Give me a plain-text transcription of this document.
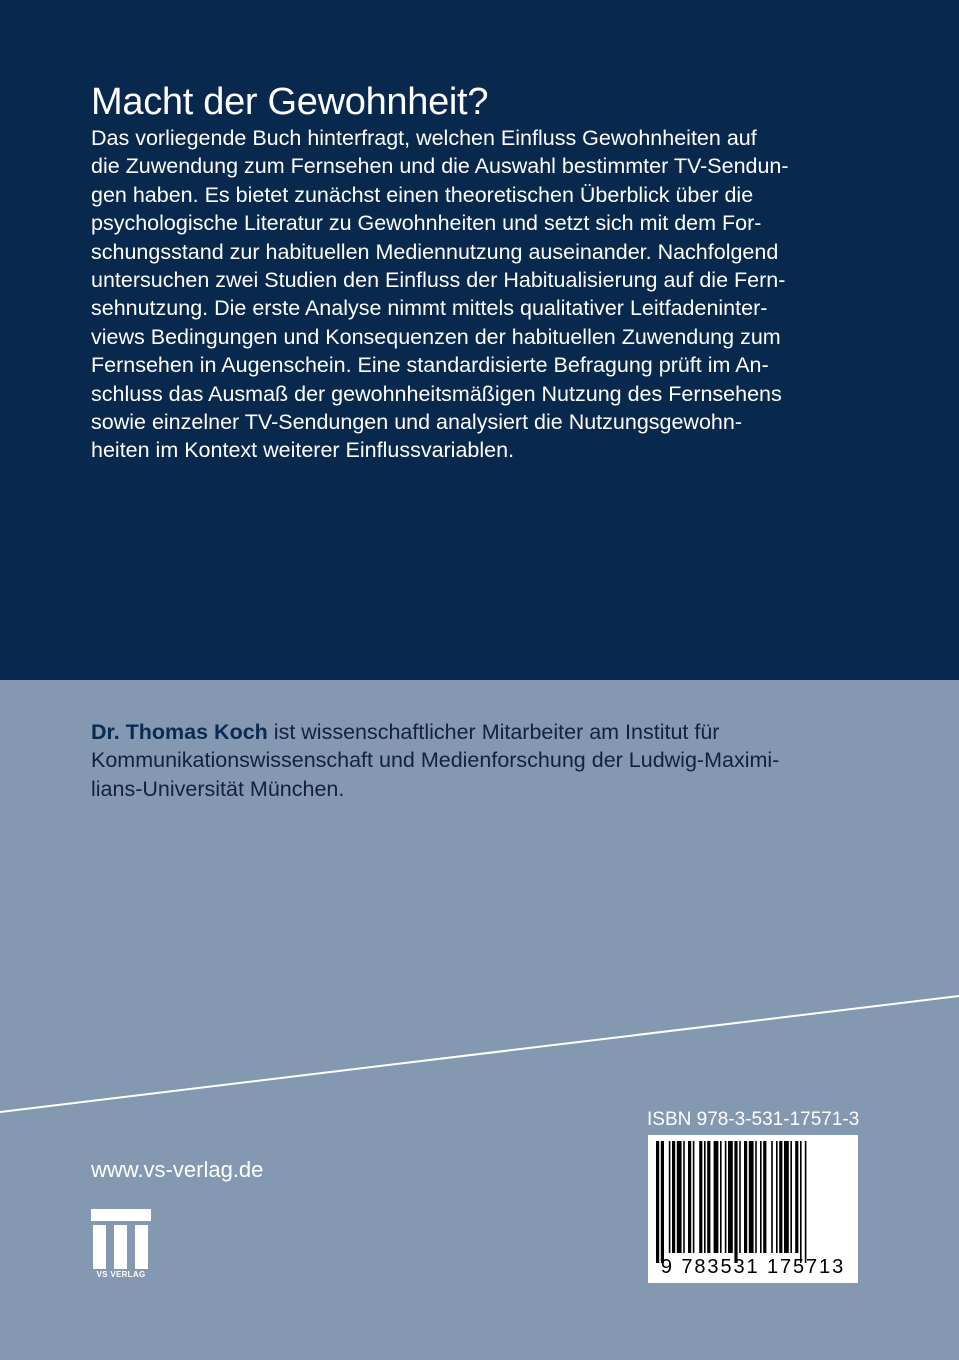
Macht der Gewohnheit?
Das vorliegende Buch hinterfragt, welchen Einfluss Gewohnheiten auf
die Zuwendung zum Fernsehen und die Auswahl bestimmter TV-Sendun-
gen haben. Es bietet zunächst einen theoretischen Überblick über die
psychologische Literatur zu Gewohnheiten und setzt sich mit dem For-
schungsstand zur habituellen Mediennutzung auseinander. Nachfolgend
untersuchen zwei Studien den Einfluss der Habitualisierung auf die Fern-
sehnutzung. Die erste Analyse nimmt mittels qualitativer Leitfadeninter-
views Bedingungen und Konsequenzen der habituellen Zuwendung zum
Fernsehen in Augenschein. Eine standardisierte Befragung prüft im An-
schluss das Ausmaß der gewohnheitsmäßigen Nutzung des Fernsehens
sowie einzelner TV-Sendungen und analysiert die Nutzungsgewohn-
heiten im Kontext weiterer Einflussvariablen.
Dr. Thomas Koch ist wissenschaftlicher Mitarbeiter am Institut für
Kommunikationswissenschaft und Medienforschung der Ludwig-Maximi-
lians-Universität München.
ISBN 978-3-531-17571-3
9 783531 175713
www.vs-verlag.de
VS VERLAG
